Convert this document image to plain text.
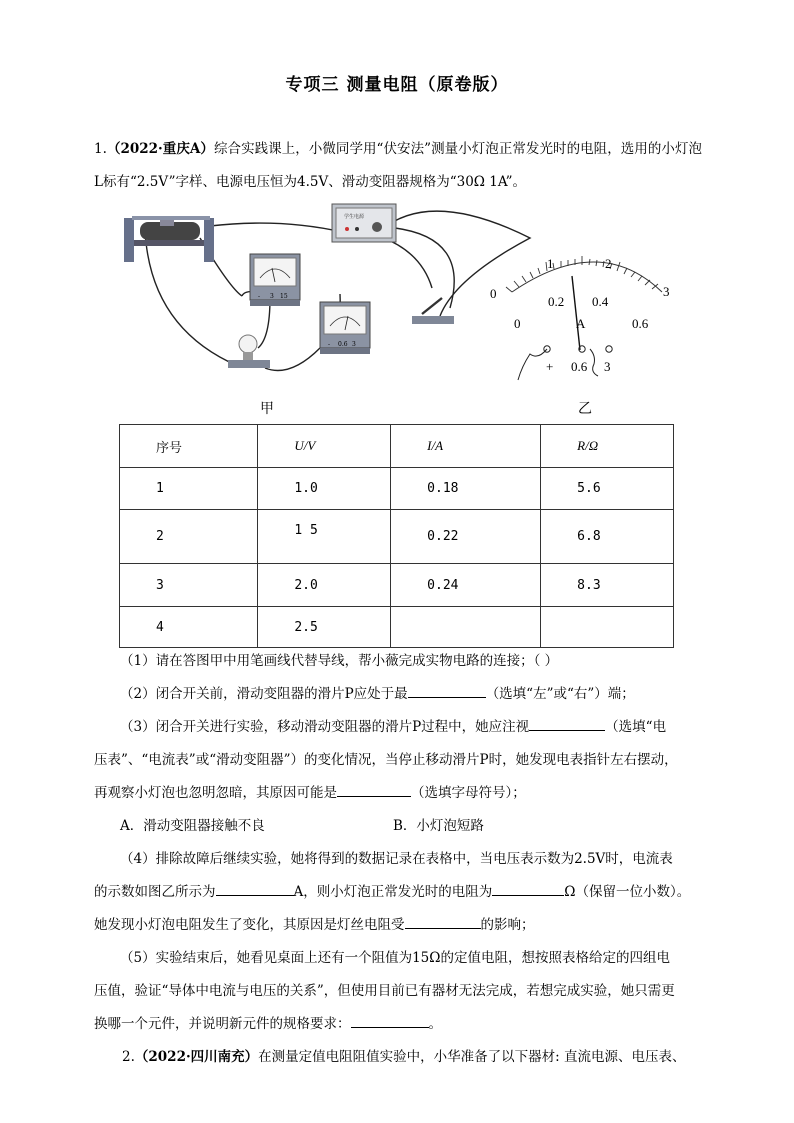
专项三 测量电阻（原卷版）
1.（2022·重庆A）综合实践课上，小微同学用“伏安法”测量小灯泡正常发光时的电阻，选用的小灯泡L标有“2.5V”字样、电源电压恒为4.5V、滑动变阻器规格为“30Ω 1A”。
学生电源
- 3 15
- 0.6 3
0
1	2
3
0
0.2 0.4
0.6
A
+ 0.6 3
甲	乙
序号	U/V	I/A	R/Ω
1	1.0	0.18	5.6
2	1 5	0.22	6.8
3	2.0	0.24	8.3
4	2.5		
（1）请在答图甲中用笔画线代替导线，帮小薇完成实物电路的连接；（ ）
（2）闭合开关前，滑动变阻器的滑片P应处于最	（选填“左”或“右”）端；
（3）闭合开关进行实验，移动滑动变阻器的滑片P过程中，她应注视	（选填“电
压表”、“电流表”或“滑动变阻器”）的变化情况，当停止移动滑片P时，她发现电表指针左右摆动，
再观察小灯泡也忽明忽暗，其原因可能是	（选填字母符号）；
A．滑动变阻器接触不良	B．小灯泡短路
（4）排除故障后继续实验，她将得到的数据记录在表格中，当电压表示数为2.5V时，电流表
的示数如图乙所示为	A，则小灯泡正常发光时的电阻为	Ω（保留一位小数）。
她发现小灯泡电阻发生了变化，其原因是灯丝电阻受	的影响；
（5）实验结束后，她看见桌面上还有一个阻值为15Ω的定值电阻，想按照表格给定的四组电
压值，验证“导体中电流与电压的关系”，但使用目前已有器材无法完成，若想完成实验，她只需更
换哪一个元件，并说明新元件的规格要求：	。
2.（2022·四川南充）在测量定值电阻阻值实验中，小华准备了以下器材: 直流电源、电压表、
